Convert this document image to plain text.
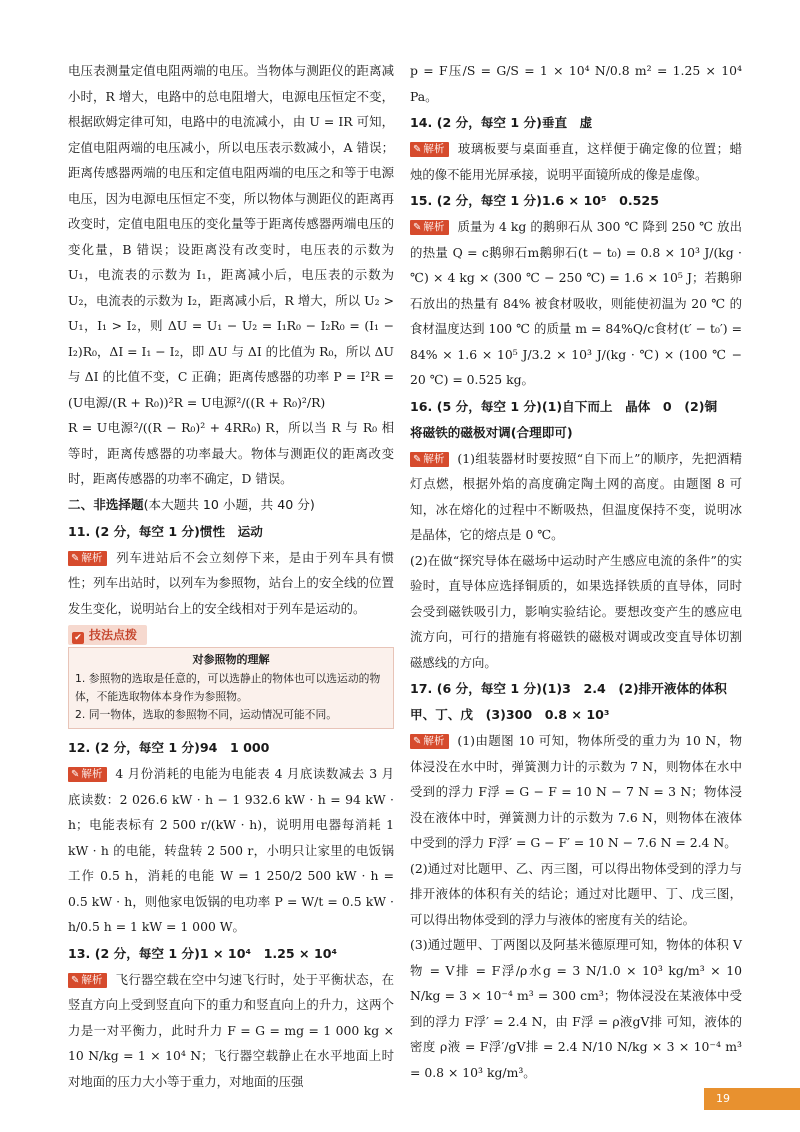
电压表测量定值电阻两端的电压。当物体与测距仪的距离减小时，R 增大，电路中的总电阻增大，电源电压恒定不变，根据欧姆定律可知，电路中的电流减小，由 U = IR 可知，定值电阻两端的电压减小，所以电压表示数减小，A 错误；距离传感器两端的电压和定值电阻两端的电压之和等于电源电压，因为电源电压恒定不变，所以物体与测距仪的距离再改变时，定值电阻电压的变化量等于距离传感器两端电压的变化量，B 错误；设距离没有改变时，电压表的示数为 U₁，电流表的示数为 I₁，距离减小后，电压表的示数为 U₂，电流表的示数为 I₂，距离减小后，R 增大，所以 U₂ > U₁，I₁ > I₂，则 ΔU = U₁ − U₂ = I₁R₀ − I₂R₀ = (I₁ − I₂)R₀，ΔI = I₁ − I₂，即 ΔU 与 ΔI 的比值为 R₀，所以 ΔU 与 ΔI 的比值不变，C 正确；距离传感器的功率 P = I²R = (U电源/(R + R₀))²R = U电源²/((R + R₀)²/R)

R = U电源²/((R − R₀)² + 4RR₀) R，所以当 R 与 R₀ 相等时，距离传感器的功率最大。物体与测距仪的距离改变时，距离传感器的功率不确定，D 错误。

二、非选择题(本大题共 10 小题，共 40 分)
11. (2 分，每空 1 分)惯性　运动

✎ 解析 列车进站后不会立刻停下来，是由于列车具有惯性；列车出站时，以列车为参照物，站台上的安全线的位置发生变化，说明站台上的安全线相对于列车是运动的。

✔ 技法点拨
对参照物的理解
1. 参照物的选取是任意的，可以选静止的物体也可以选运动的物体，不能选取物体本身作为参照物。
2. 同一物体，选取的参照物不同，运动情况可能不同。
12. (2 分，每空 1 分)94　1 000

✎ 解析 4 月份消耗的电能为电能表 4 月底读数减去 3 月底读数：2 026.6 kW · h − 1 932.6 kW · h = 94 kW · h；电能表标有 2 500 r/(kW · h)，说明用电器每消耗 1 kW · h 的电能，转盘转 2 500 r，小明只让家里的电饭锅工作 0.5 h，消耗的电能 W = 1 250/2 500 kW · h = 0.5 kW · h，则他家电饭锅的电功率 P = W/t = 0.5 kW · h/0.5 h = 1 kW = 1 000 W。

13. (2 分，每空 1 分)1 × 10⁴　1.25 × 10⁴

✎ 解析 飞行器空载在空中匀速飞行时，处于平衡状态，在竖直方向上受到竖直向下的重力和竖直向上的升力，这两个力是一对平衡力，此时升力 F = G = mg = 1 000 kg × 10 N/kg = 1 × 10⁴ N；飞行器空载静止在水平地面上时对地面的压力大小等于重力，对地面的压强

p = F压/S = G/S = 1 × 10⁴ N/0.8 m² = 1.25 × 10⁴ Pa。

14. (2 分，每空 1 分)垂直　虚

✎ 解析 玻璃板要与桌面垂直，这样便于确定像的位置；蜡烛的像不能用光屏承接，说明平面镜所成的像是虚像。

15. (2 分，每空 1 分)1.6 × 10⁵　0.525

✎ 解析 质量为 4 kg 的鹅卵石从 300 ℃ 降到 250 ℃ 放出的热量 Q = c鹅卵石m鹅卵石(t − t₀) = 0.8 × 10³ J/(kg · ℃) × 4 kg × (300 ℃ − 250 ℃) = 1.6 × 10⁵ J；若鹅卵石放出的热量有 84% 被食材吸收，则能使初温为 20 ℃ 的食材温度达到 100 ℃ 的质量 m = 84%Q/c食材(t′ − t₀′) = 84% × 1.6 × 10⁵ J/3.2 × 10³ J/(kg · ℃) × (100 ℃ − 20 ℃) = 0.525 kg。

16. (5 分，每空 1 分)(1)自下而上　晶体　0　(2)铜　将磁铁的磁极对调(合理即可)

✎ 解析 (1)组装器材时要按照“自下而上”的顺序，先把酒精灯点燃，根据外焰的高度确定陶土网的高度。由题图 8 可知，冰在熔化的过程中不断吸热，但温度保持不变，说明冰是晶体，它的熔点是 0 ℃。

(2)在做“探究导体在磁场中运动时产生感应电流的条件”的实验时，直导体应选择铜质的，如果选择铁质的直导体，同时会受到磁铁吸引力，影响实验结论。要想改变产生的感应电流方向，可行的措施有将磁铁的磁极对调或改变直导体切割磁感线的方向。

17. (6 分，每空 1 分)(1)3　2.4　(2)排开液体的体积　甲、丁、戊　(3)300　0.8 × 10³

✎ 解析 (1)由题图 10 可知，物体所受的重力为 10 N，物体浸没在水中时，弹簧测力计的示数为 7 N，则物体在水中受到的浮力 F浮 = G − F = 10 N − 7 N = 3 N；物体浸没在液体中时，弹簧测力计的示数为 7.6 N，则物体在液体中受到的浮力 F浮′ = G − F′ = 10 N − 7.6 N = 2.4 N。

(2)通过对比题甲、乙、丙三图，可以得出物体受到的浮力与排开液体的体积有关的结论；通过对比题甲、丁、戊三图，可以得出物体受到的浮力与液体的密度有关的结论。

(3)通过题甲、丁两图以及阿基米德原理可知，物体的体积 V物 = V排 = F浮/ρ水g = 3 N/1.0 × 10³ kg/m³ × 10 N/kg = 3 × 10⁻⁴ m³ = 300 cm³；物体浸没在某液体中受到的浮力 F浮′ = 2.4 N，由 F浮 = ρ液gV排 可知，液体的密度 ρ液 = F浮′/gV排 = 2.4 N/10 N/kg × 3 × 10⁻⁴ m³ = 0.8 × 10³ kg/m³。

19
